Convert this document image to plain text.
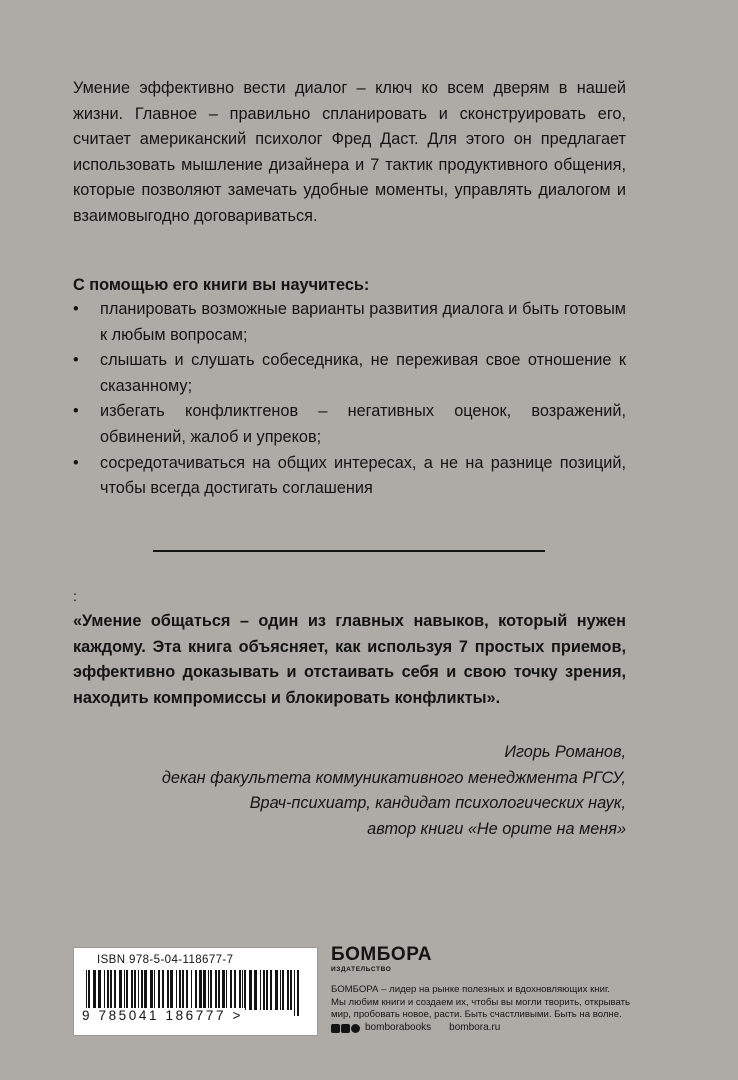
Умение эффективно вести диалог – ключ ко всем дверям в нашей жизни. Главное – правильно спланировать и сконструировать его, считает американский психолог Фред Даст. Для этого он предлагает использовать мышление дизайнера и 7 тактик продуктивного общения, которые позволяют замечать удобные моменты, управлять диалогом и взаимовыгодно договариваться.

С помощью его книги вы научитесь:

• планировать возможные варианты развития диалога и быть готовым к любым вопросам;
• слышать и слушать собеседника, не переживая свое отношение к сказанному;
• избегать конфликтгенов – негативных оценок, возражений, обвинений, жалоб и упреков;
• сосредотачиваться на общих интересах, а не на разнице позиций, чтобы всегда достигать соглашения
:

«Умение общаться – один из главных навыков, который нужен каждому. Эта книга объясняет, как используя 7 простых приемов, эффективно доказывать и отстаивать себя и свою точку зрения, находить компромиссы и блокировать конфликты».

Игорь Романов,
декан факультета коммуникативного менеджмента РГСУ,
Врач-психиатр, кандидат психологических наук,
автор книги «Не орите на меня»
ISBN 978-5-04-118677-7
9 785041 186777 >
БОМБОРА
ИЗДАТЕЛЬСТВО
БОМБОРА – лидер на рынке полезных и вдохновляющих книг.
Мы любим книги и создаем их, чтобы вы могли творить, открывать
мир, пробовать новое, расти. Быть счастливыми. Быть на волне.
bomborabooks bombora.ru
